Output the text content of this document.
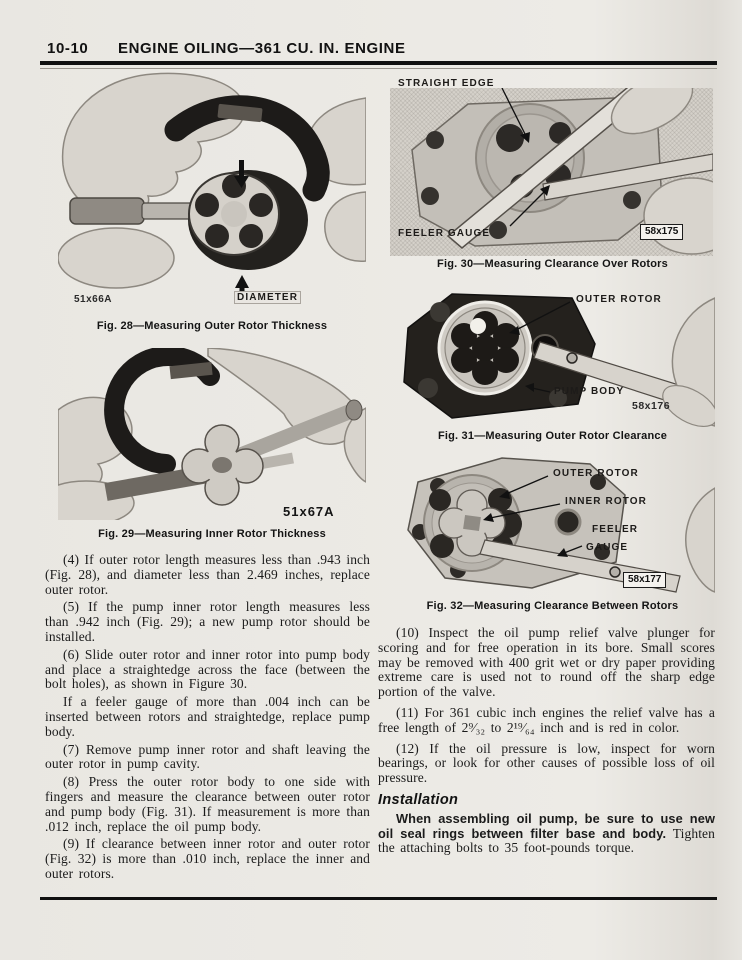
10-10 ENGINE OILING—361 CU. IN. ENGINE
51x66A	DIAMETER
Fig. 28—Measuring Outer Rotor Thickness
51x67A
Fig. 29—Measuring Inner Rotor Thickness

(4) If outer rotor length measures less than .943 inch (Fig. 28), and diameter less than 2.469 inches, replace outer rotor.

(5) If the pump inner rotor length measures less than .942 inch (Fig. 29); a new pump rotor should be installed.

(6) Slide outer rotor and inner rotor into pump body and place a straightedge across the face (between the bolt holes), as shown in Figure 30.

If a feeler gauge of more than .004 inch can be inserted between rotors and straightedge, replace pump body.

(7) Remove pump inner rotor and shaft leaving the outer rotor in pump cavity.

(8) Press the outer rotor body to one side with fingers and measure the clearance between outer rotor and pump body (Fig. 31). If measurement is more than .012 inch, replace the oil pump body.

(9) If clearance between inner rotor and outer rotor (Fig. 32) is more than .010 inch, replace the inner and outer rotors.

STRAIGHT EDGE
FEELER GAUGE	58x175
Fig. 30—Measuring Clearance Over Rotors
OUTER ROTOR
PUMP BODY
58x176
Fig. 31—Measuring Outer Rotor Clearance
OUTER ROTOR
INNER ROTOR
FEELER
GAUGE
58x177
Fig. 32—Measuring Clearance Between Rotors

(10) Inspect the oil pump relief valve plunger for scoring and for free operation in its bore. Small scores may be removed with 400 grit wet or dry paper providing extreme care is used not to round off the sharp edge portion of the valve.

(11) For 361 cubic inch engines the relief valve has a free length of 2⁹⁄₃₂ to 2¹⁹⁄₆₄ inch and is red in color.

(12) If the oil pressure is low, inspect for worn bearings, or look for other causes of possible loss of oil pressure.

Installation

When assembling oil pump, be sure to use new oil seal rings between filter base and body. Tighten the attaching bolts to 35 foot-pounds torque.
